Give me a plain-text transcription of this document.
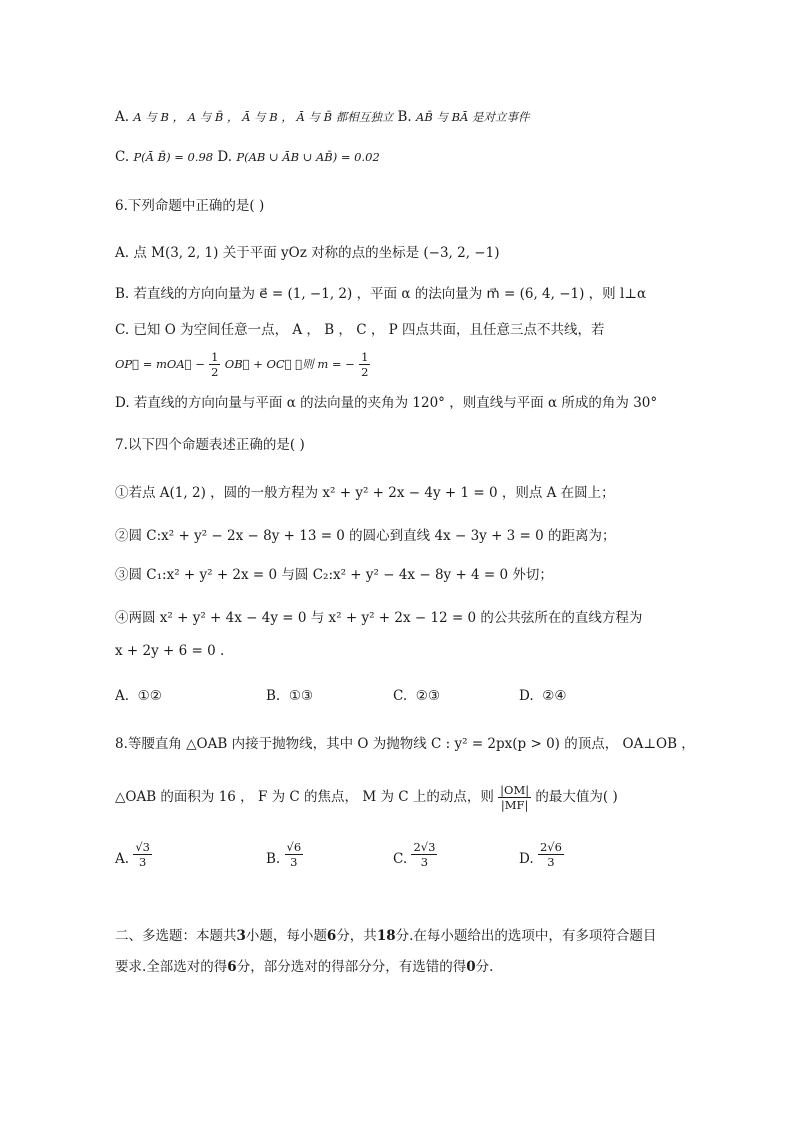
A. A 与 B ， A 与 B̄ ， Ā 与 B ， Ā 与 B̄ 都相互独立 B. AB̄ 与 BĀ 是对立事件
C. P(Ā B̄) = 0.98 D. P(AB ∪ ĀB ∪ AB̄) = 0.02
6.下列命题中正确的是( )
A. 点 M(3, 2, 1) 关于平面 yOz 对称的点的坐标是 (−3, 2, −1)
B. 若直线的方向向量为 e⃗ = (1, −1, 2) ，平面 α 的法向量为 m⃗ = (6, 4, −1) ，则 l⊥α
C. 已知 O 为空间任意一点， A ， B ， C ， P 四点共面，且任意三点不共线，若
OP⃗ = mOA⃗ − $\frac{1}{2}$ OB⃗ + OC⃗ ，则 m = − $\frac{1}{2}$
D. 若直线的方向向量与平面 α 的法向量的夹角为 120° ，则直线与平面 α 所成的角为 30°
7.以下四个命题表述正确的是( )
①若点 A(1, 2) ，圆的一般方程为 x² + y² + 2x − 4y + 1 = 0 ，则点 A 在圆上；
②圆 C:x² + y² − 2x − 8y + 13 = 0 的圆心到直线 4x − 3y + 3 = 0 的距离为；
③圆 C₁:x² + y² + 2x = 0 与圆 C₂:x² + y² − 4x − 8y + 4 = 0 外切；
④两圆 x² + y² + 4x − 4y = 0 与 x² + y² + 2x − 12 = 0 的公共弦所在的直线方程为
x + 2y + 6 = 0 .
A. ①②	B. ①③	C. ②③	D. ②④
8.等腰直角 △OAB 内接于抛物线，其中 O 为抛物线 C : y² = 2px(p > 0) 的顶点， OA⊥OB ，
△OAB 的面积为 16 ， F 为 C 的焦点， M 为 C 上的动点，则 $\frac{|OM|}{|MF|}$ 的最大值为( )
A. $\frac{√3}{3}$	B. $\frac{√6}{3}$	C. $\frac{2√3}{3}$	D. $\frac{2√6}{3}$
二、多选题：本题共3小题，每小题6分，共18分.在每小题给出的选项中，有多项符合题目
要求.全部选对的得6分，部分选对的得部分分，有选错的得0分.
